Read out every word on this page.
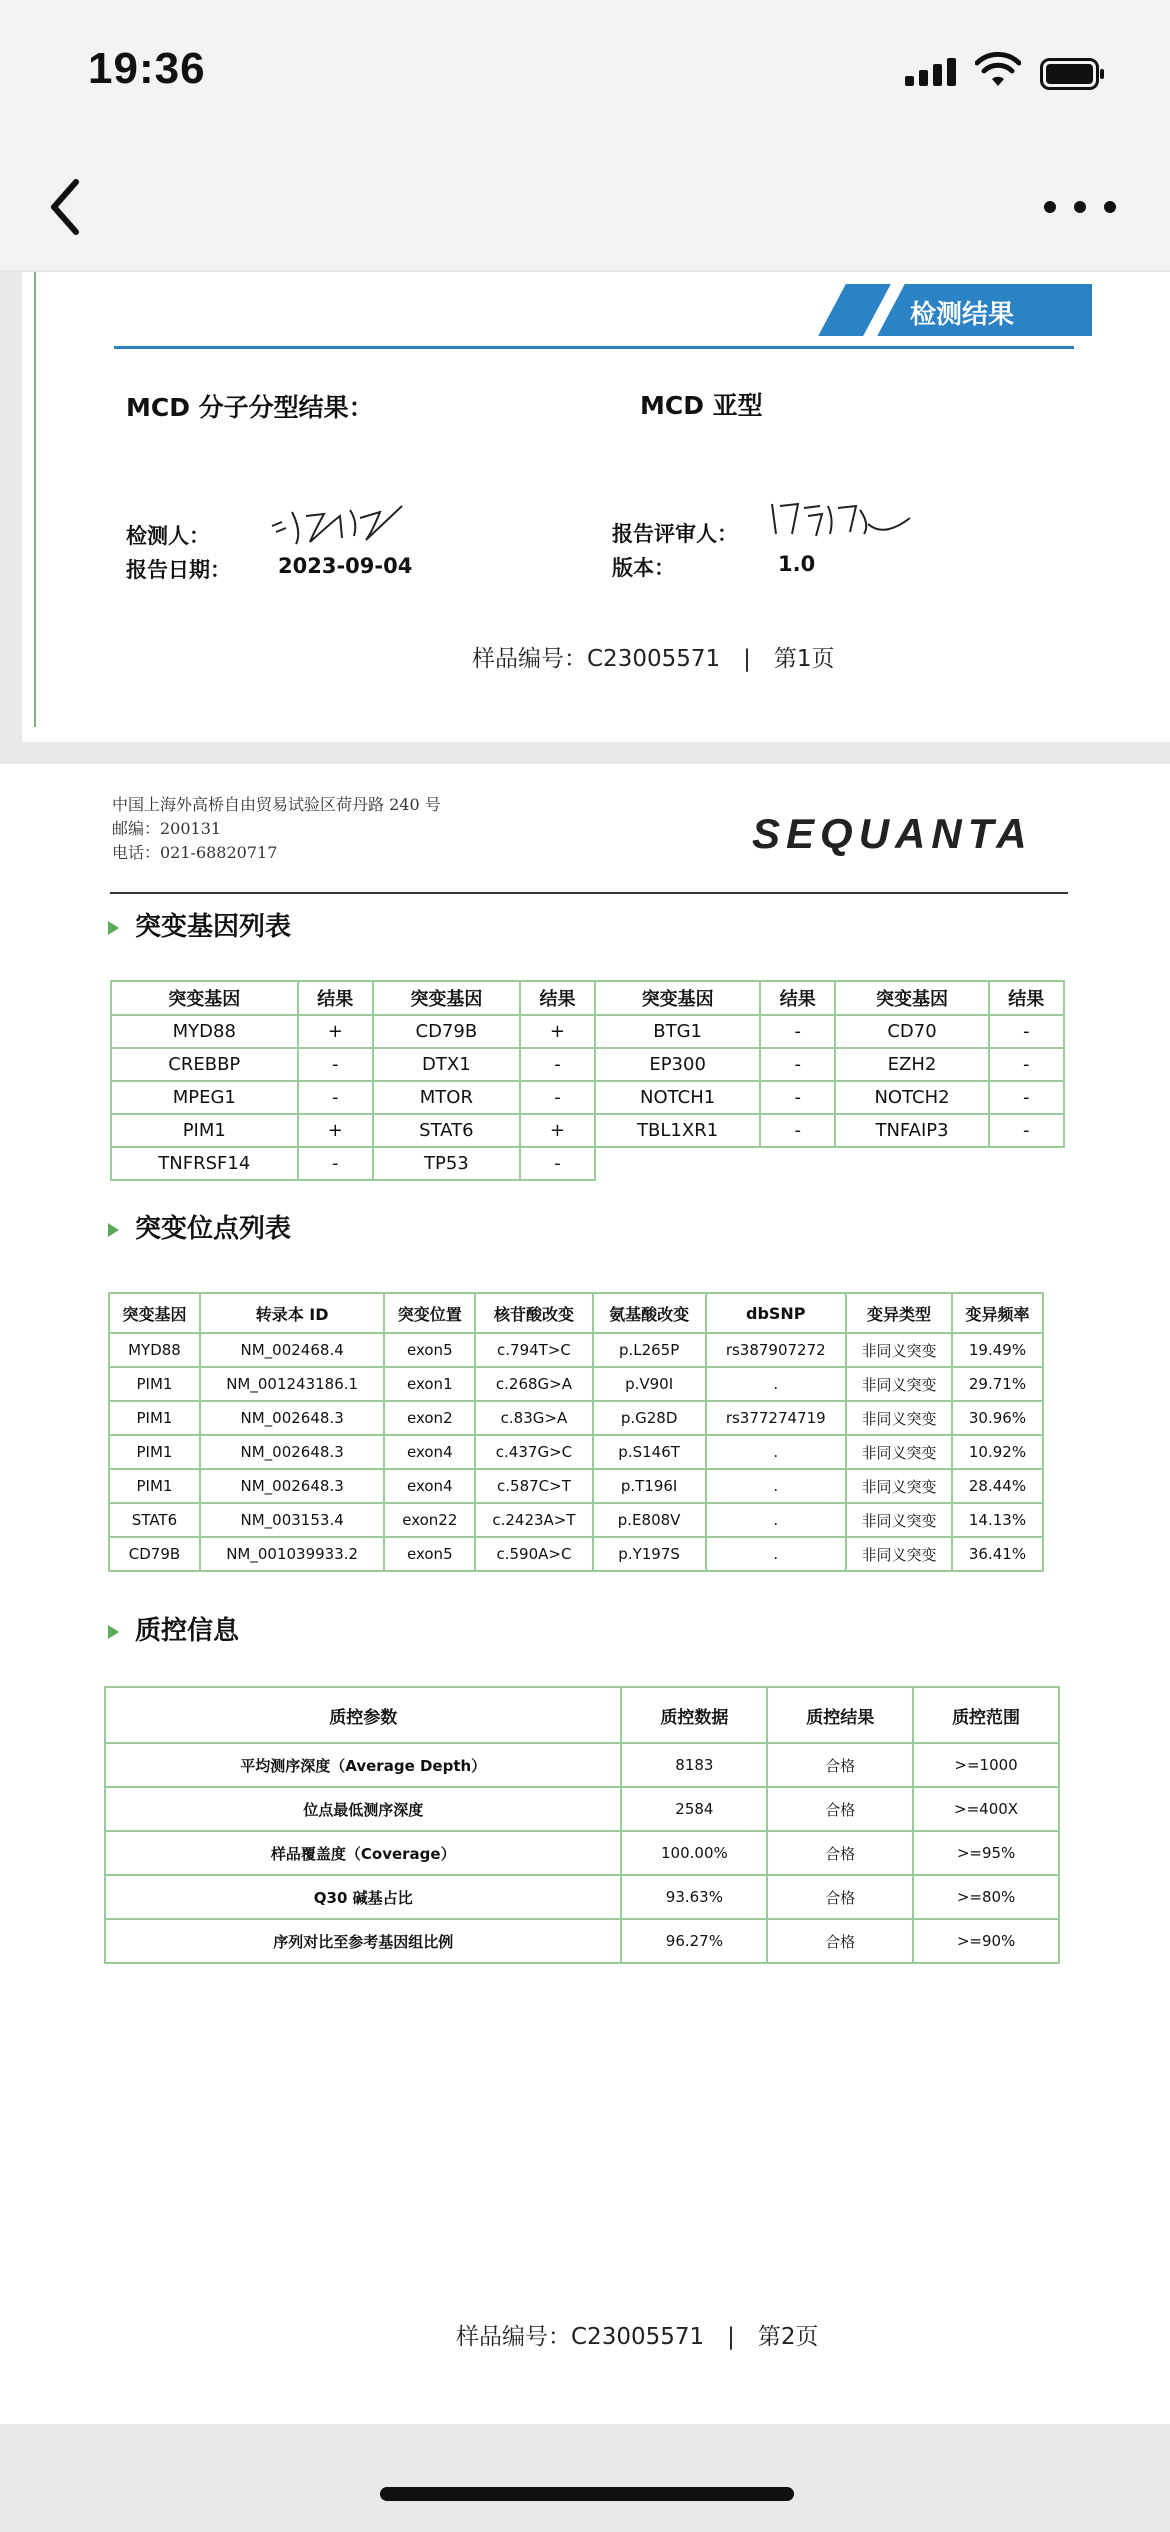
19:36
检测结果
MCD 分子分型结果：	MCD 亚型
检测人：
报告日期： 2023-09-04
报告评审人：
版本：	1.0
样品编号：C23005571　|　第1页
中国上海外高桥自由贸易试验区荷丹路 240 号
邮编：200131
电话：021-68820717	SEQUANTA
突变基因列表
突变基因	结果	突变基因	结果	突变基因	结果	突变基因	结果
MYD88	+	CD79B	+	BTG1	-	CD70	-
CREBBP	-	DTX1	-	EP300	-	EZH2	-
MPEG1	-	MTOR	-	NOTCH1	-	NOTCH2	-
PIM1	+	STAT6	+	TBL1XR1	-	TNFAIP3	-
TNFRSF14	-	TP53	-				
突变位点列表
突变基因	转录本 ID	突变位置	核苷酸改变	氨基酸改变	dbSNP	变异类型	变异频率
MYD88	NM_002468.4	exon5	c.794T>C	p.L265P	rs387907272	非同义突变	19.49%
PIM1	NM_001243186.1	exon1	c.268G>A	p.V90I	.	非同义突变	29.71%
PIM1	NM_002648.3	exon2	c.83G>A	p.G28D	rs377274719	非同义突变	30.96%
PIM1	NM_002648.3	exon4	c.437G>C	p.S146T	.	非同义突变	10.92%
PIM1	NM_002648.3	exon4	c.587C>T	p.T196I	.	非同义突变	28.44%
STAT6	NM_003153.4	exon22	c.2423A>T	p.E808V	.	非同义突变	14.13%
CD79B	NM_001039933.2	exon5	c.590A>C	p.Y197S	.	非同义突变	36.41%
质控信息
质控参数	质控数据	质控结果	质控范围
平均测序深度（Average Depth）	8183	合格	>=1000
位点最低测序深度	2584	合格	>=400X
样品覆盖度（Coverage）	100.00%	合格	>=95%
Q30 碱基占比	93.63%	合格	>=80%
序列对比至参考基因组比例	96.27%	合格	>=90%
样品编号：C23005571　|　第2页
